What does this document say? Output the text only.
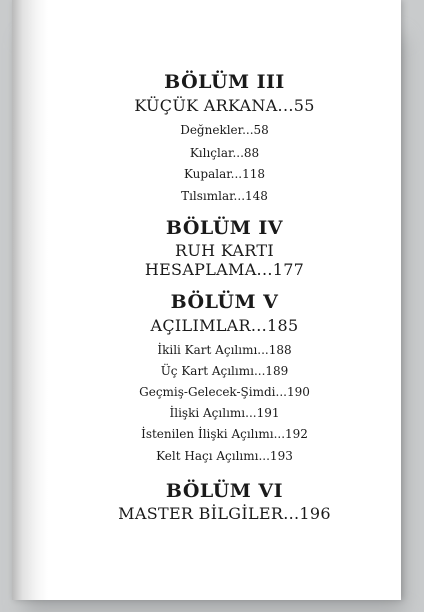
BÖLÜM III
KÜÇÜK ARKANA...55
Değnekler...58
Kılıçlar...88
Kupalar...118
Tılsımlar...148
BÖLÜM IV
RUH KARTI
HESAPLAMA...177
BÖLÜM V
AÇILIMLAR...185
İkili Kart Açılımı...188
Üç Kart Açılımı...189
Geçmiş-Gelecek-Şimdi...190
İlişki Açılımı...191
İstenilen İlişki Açılımı...192
Kelt Haçı Açılımı...193
BÖLÜM VI
MASTER BİLGİLER...196
